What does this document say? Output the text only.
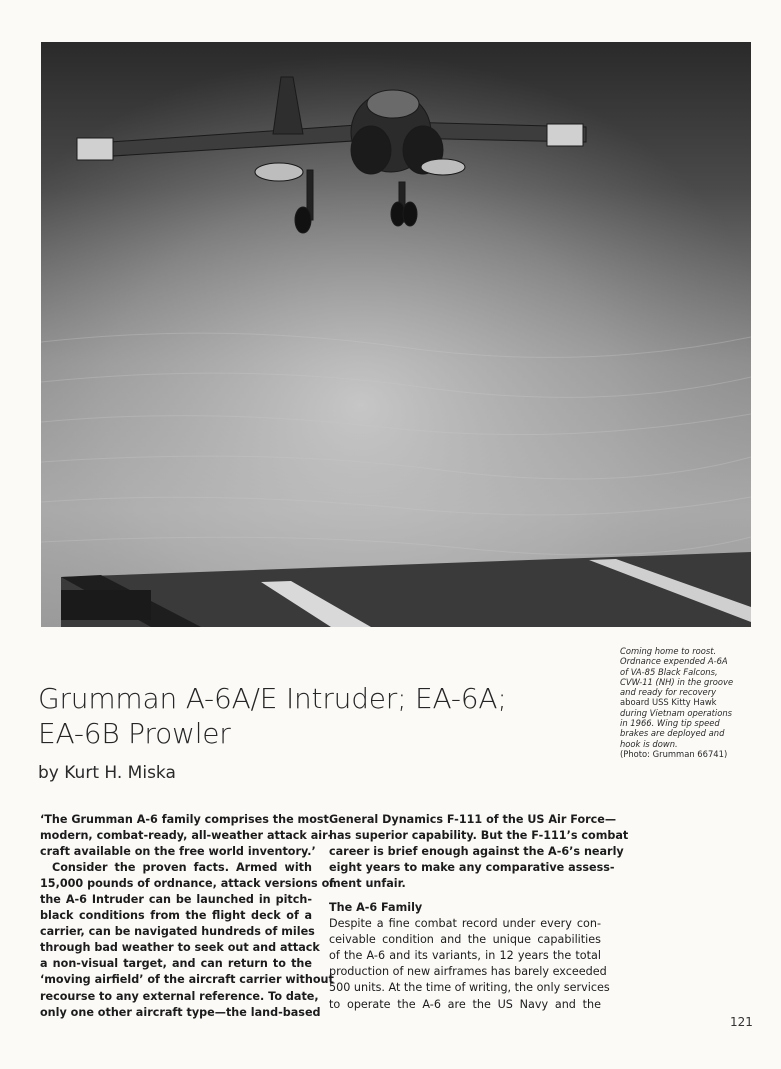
Coming home to roost.
Ordnance expended A-6A
of VA-85 Black Falcons,
CVW-11 (NH) in the groove
and ready for recovery
aboard USS Kitty Hawk
during Vietnam operations
in 1966. Wing tip speed
brakes are deployed and
hook is down.
(Photo: Grumman 66741)
Grumman A-6A/E Intruder; EA-6A;
EA-6B Prowler
by Kurt H. Miska
‘The Grumman A-6 family comprises the most
modern, combat-ready, all-weather attack air-
craft available on the free world inventory.’
Consider the proven facts. Armed with
15,000 pounds of ordnance, attack versions of
the A-6 Intruder can be launched in pitch-
black conditions from the flight deck of a
carrier, can be navigated hundreds of miles
through bad weather to seek out and attack
a non-visual target, and can return to the
‘moving airfield’ of the aircraft carrier without
recourse to any external reference. To date,
only one other aircraft type—the land-based
General Dynamics F-111 of the US Air Force—
has superior capability. But the F-111’s combat
career is brief enough against the A-6’s nearly
eight years to make any comparative assess-
ment unfair.
The A-6 Family
Despite a fine combat record under every con-
ceivable condition and the unique capabilities
of the A-6 and its variants, in 12 years the total
production of new airframes has barely exceeded
500 units. At the time of writing, the only services
to operate the A-6 are the US Navy and the
121
